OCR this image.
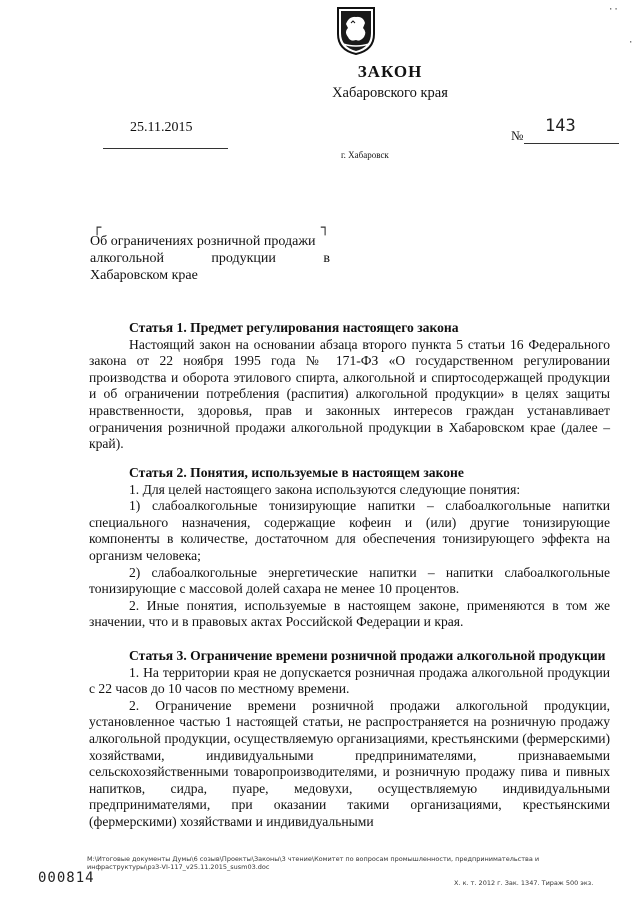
··
·
ЗАКОН
Хабаровского края
25.11.2015
№ 143
г. Хабаровск
┌	┐
Об ограничениях розничной продажи
алкогольной	продукции	в
Хабаровском крае
Статья 1. Предмет регулирования настоящего закона

Настоящий закон на основании абзаца второго пункта 5 статьи 16 Федерального закона от 22 ноября 1995 года № 171-ФЗ «О государственном регулировании производства и оборота этилового спирта, алкогольной и спиртосодержащей продукции и об ограничении потребления (распития) алкогольной продукции» в целях защиты нравственности, здоровья, прав и законных интересов граждан устанавливает ограничения розничной продажи алкогольной продукции в Хабаровском крае (далее – край).

Статья 2. Понятия, используемые в настоящем законе

1. Для целей настоящего закона используются следующие понятия:

1) слабоалкогольные тонизирующие напитки – слабоалкогольные напитки специального назначения, содержащие кофеин и (или) другие тонизирующие компоненты в количестве, достаточном для обеспечения тонизирующего эффекта на организм человека;

2) слабоалкогольные энергетические напитки – напитки слабоалкогольные тонизирующие с массовой долей сахара не менее 10 процентов.

2. Иные понятия, используемые в настоящем законе, применяются в том же значении, что и в правовых актах Российской Федерации и края.

Статья 3. Ограничение времени розничной продажи алкогольной продукции

1. На территории края не допускается розничная продажа алкогольной продукции с 22 часов до 10 часов по местному времени.

2. Ограничение времени розничной продажи алкогольной продукции, установленное частью 1 настоящей статьи, не распространяется на розничную продажу алкогольной продукции, осуществляемую организациями, крестьянскими (фермерскими) хозяйствами, индивидуальными предпринимателями, признаваемыми сельскохозяйственными товаропроизводителями, и розничную продажу пива и пивных напитков, сидра, пуаре, медовухи, осуществляемую индивидуальными предпринимателями, при оказании такими организациями, крестьянскими (фермерскими) хозяйствами и индивидуальными

M:\Итоговые документы Думы\6 созыв\Проекты\Законы\3 чтение\Комитет по вопросам промышленности, предпринимательства и инфраструктуры\рз3-VI-117_v25.11.2015_susm03.doc
000814	Х. к. т. 2012 г. Зак. 1347. Тираж 500 экз.
